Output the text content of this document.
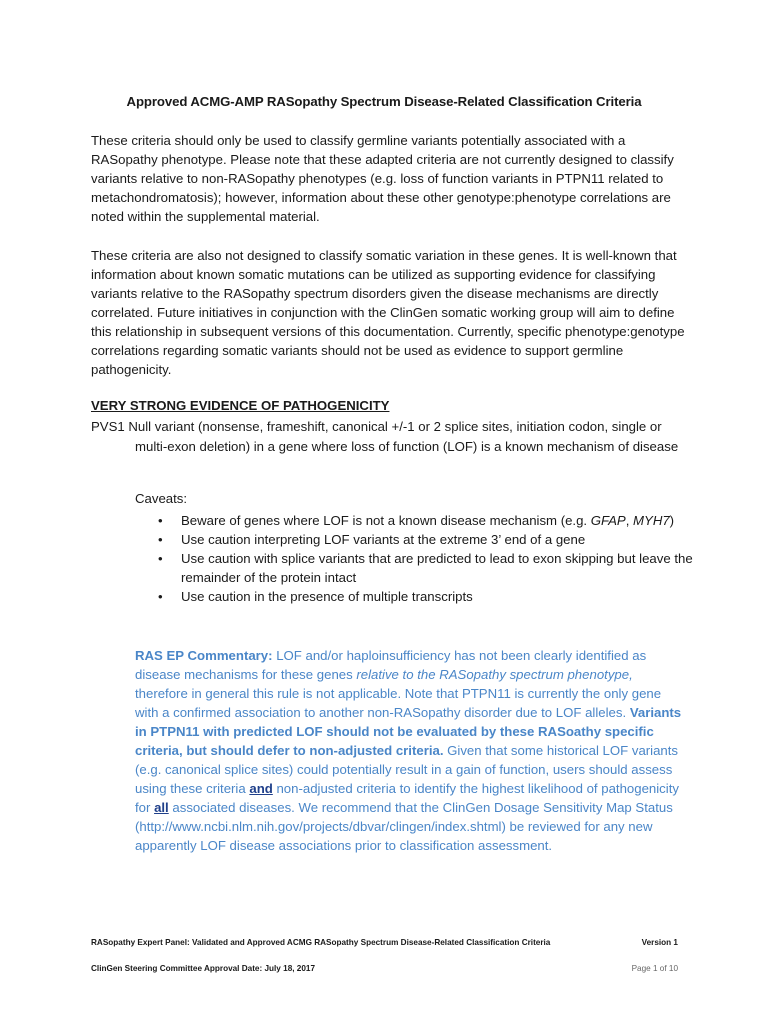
Approved ACMG-AMP RASopathy Spectrum Disease-Related Classification Criteria
These criteria should only be used to classify germline variants potentially associated with a RASopathy phenotype. Please note that these adapted criteria are not currently designed to classify variants relative to non-RASopathy phenotypes (e.g. loss of function variants in PTPN11 related to metachondromatosis); however, information about these other genotype:phenotype correlations are noted within the supplemental material.
These criteria are also not designed to classify somatic variation in these genes. It is well-known that information about known somatic mutations can be utilized as supporting evidence for classifying variants relative to the RASopathy spectrum disorders given the disease mechanisms are directly correlated. Future initiatives in conjunction with the ClinGen somatic working group will aim to define this relationship in subsequent versions of this documentation. Currently, specific phenotype:genotype correlations regarding somatic variants should not be used as evidence to support germline pathogenicity.
VERY STRONG EVIDENCE OF PATHOGENICITY
PVS1 Null variant (nonsense, frameshift, canonical +/-1 or 2 splice sites, initiation codon, single or multi-exon deletion) in a gene where loss of function (LOF) is a known mechanism of disease
Caveats:
• Beware of genes where LOF is not a known disease mechanism (e.g. GFAP, MYH7)
• Use caution interpreting LOF variants at the extreme 3’ end of a gene
• Use caution with splice variants that are predicted to lead to exon skipping but leave the remainder of the protein intact
• Use caution in the presence of multiple transcripts
RAS EP Commentary: LOF and/or haploinsufficiency has not been clearly identified as disease mechanisms for these genes relative to the RASopathy spectrum phenotype, therefore in general this rule is not applicable. Note that PTPN11 is currently the only gene with a confirmed association to another non-RASopathy disorder due to LOF alleles. Variants in PTPN11 with predicted LOF should not be evaluated by these RASoathy specific criteria, but should defer to non-adjusted criteria. Given that some historical LOF variants (e.g. canonical splice sites) could potentially result in a gain of function, users should assess using these criteria and non-adjusted criteria to identify the highest likelihood of pathogenicity for all associated diseases. We recommend that the ClinGen Dosage Sensitivity Map Status (http://www.ncbi.nlm.nih.gov/projects/dbvar/clingen/index.shtml) be reviewed for any new apparently LOF disease associations prior to classification assessment.
RASopathy Expert Panel: Validated and Approved ACMG RASopathy Spectrum Disease-Related Classification Criteria	Version 1
ClinGen Steering Committee Approval Date: July 18, 2017	Page 1 of 10
